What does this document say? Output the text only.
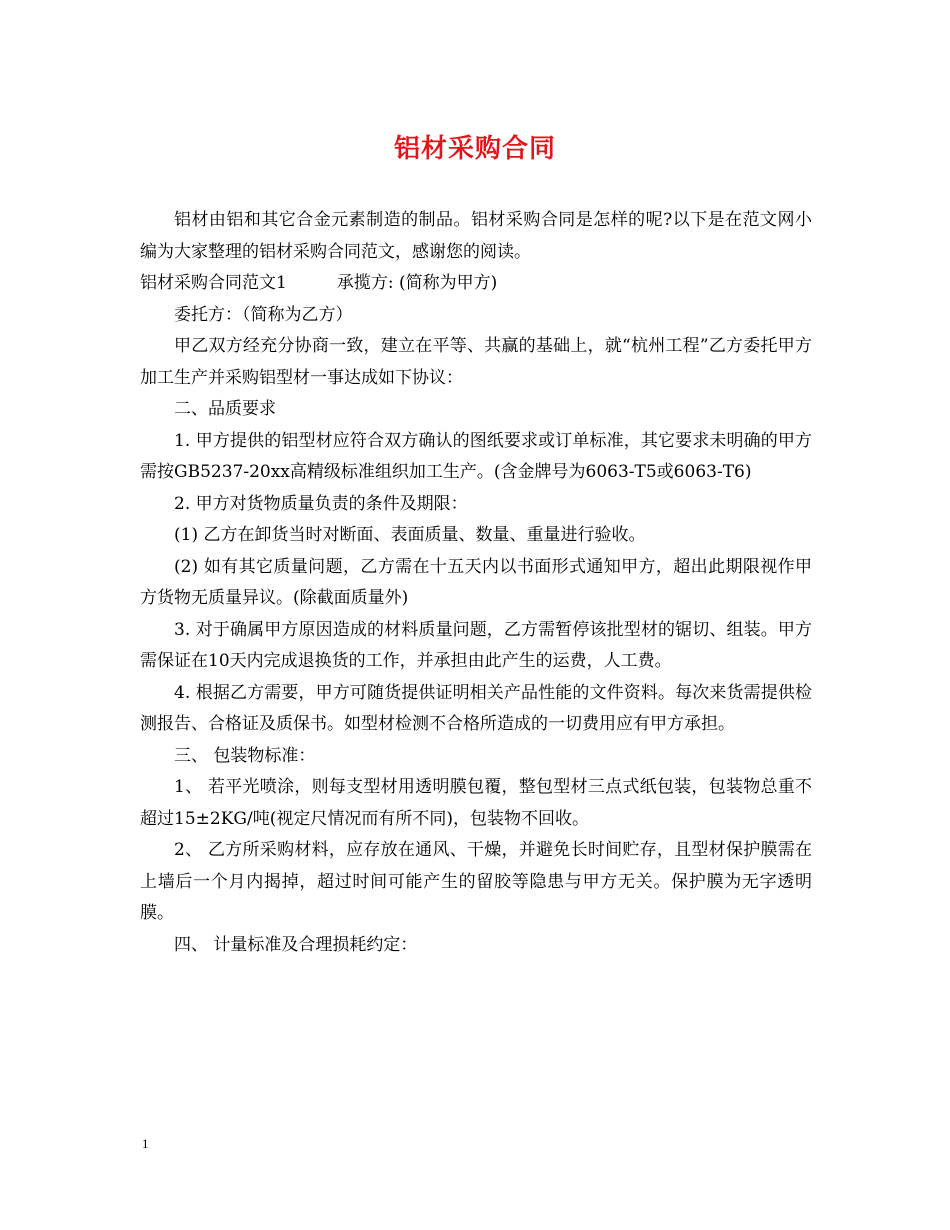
铝材采购合同

铝材由铝和其它合金元素制造的制品。铝材采购合同是怎样的呢?以下是在范文网小编为大家整理的铝材采购合同范文，感谢您的阅读。

铝材采购合同范文1	承揽方: (简称为甲方)

委托方：（简称为乙方）

甲乙双方经充分协商一致，建立在平等、共赢的基础上，就“杭州工程”乙方委托甲方加工生产并采购铝型材一事达成如下协议：

二、品质要求

1. 甲方提供的铝型材应符合双方确认的图纸要求或订单标准，其它要求未明确的甲方需按GB5237-20xx高精级标准组织加工生产。(含金牌号为6063-T5或6063-T6)

2. 甲方对货物质量负责的条件及期限：

(1) 乙方在卸货当时对断面、表面质量、数量、重量进行验收。

(2) 如有其它质量问题，乙方需在十五天内以书面形式通知甲方，超出此期限视作甲方货物无质量异议。(除截面质量外)

3. 对于确属甲方原因造成的材料质量问题，乙方需暂停该批型材的锯切、组装。甲方需保证在10天内完成退换货的工作，并承担由此产生的运费，人工费。

4. 根据乙方需要，甲方可随货提供证明相关产品性能的文件资料。每次来货需提供检测报告、合格证及质保书。如型材检测不合格所造成的一切费用应有甲方承担。

三、 包装物标准：

1、 若平光喷涂，则每支型材用透明膜包覆，整包型材三点式纸包装，包装物总重不超过15±2KG/吨(视定尺情况而有所不同)，包装物不回收。

2、 乙方所采购材料，应存放在通风、干燥，并避免长时间贮存，且型材保护膜需在上墙后一个月内揭掉，超过时间可能产生的留胶等隐患与甲方无关。保护膜为无字透明膜。

四、 计量标准及合理损耗约定：

1
